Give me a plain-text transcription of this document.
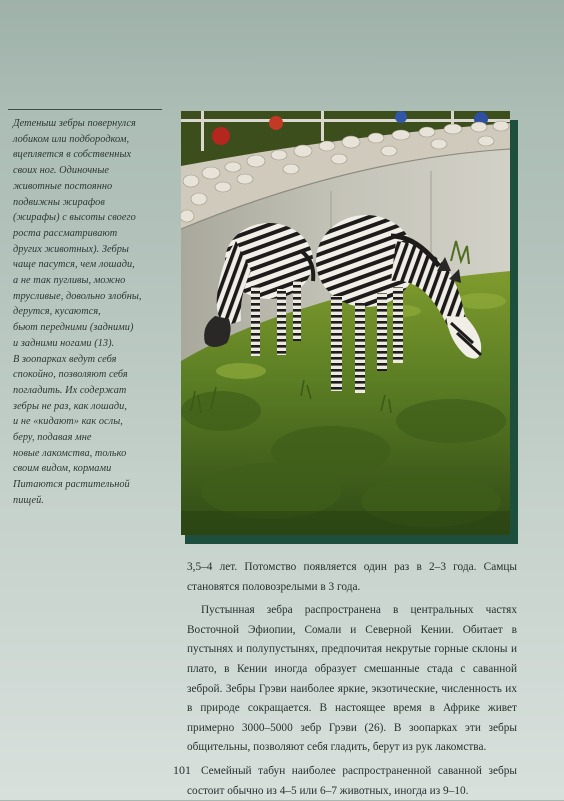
Детеныш зебры повернулся
лобиком или подбородком,
вцепляется в собственных
своих ног. Одиночные
животные постоянно
подвижны жирафов
(жирафы) с высоты своего
роста рассматривают
других животных). Зебры
чаще пасутся, чем лошади,
а не так пугливы, можно
трусливые, довольно злобны,
дерутся, кусаются,
бьют передними (задними)
и задними ногами (13).
В зоопарках ведут себя
спокойно, позволяют себя
погладить. Их содержат
зебры не раз, как лошади,
и не «кидают» как ослы,
беру, подавая мне
новые лакомства, только
своим видом, кормами
Питаются растительной
пищей.

3,5–4 лет. Потомство появляется один раз в 2–3 года. Самцы становятся половозрелыми в 3 года.

Пустынная зебра распространена в центральных частях Восточной Эфиопии, Сомали и Северной Кении. Обитает в пустынях и полупустынях, предпочитая некрутые горные склоны и плато, в Кении иногда образует смешанные стада с саванной зеброй. Зебры Грэви наиболее яркие, экзотические, численность их в природе сокращается. В настоящее время в Африке живет примерно 3000–5000 зебр Грэви (26). В зоопарках эти зебры общительны, позволяют себя гладить, берут из рук лакомства.

Семейный табун наиболее распространенной саванной зебры состоит обычно из 4–5 или 6–7 животных, иногда из 9–10.

101
